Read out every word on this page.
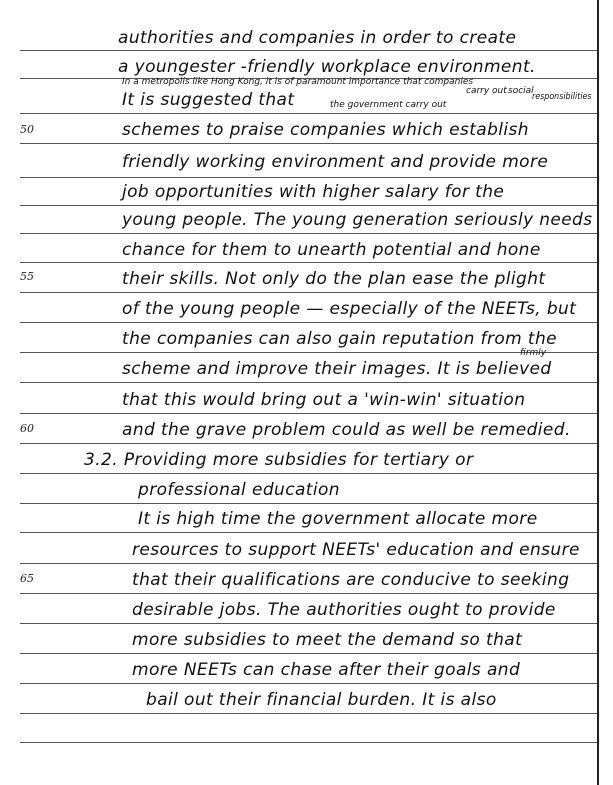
50
55
60
65
authorities and companies in order to create
a youngester -friendly workplace environment.
It is suggested that
schemes to praise companies which establish
friendly working environment and provide more
job opportunities with higher salary for the
young people. The young generation seriously needs
chance for them to unearth potential and hone
their skills. Not only do the plan ease the plight
of the young people — especially of the NEETs, but
the companies can also gain reputation from the
scheme and improve their images. It is believed
that this would bring out a 'win-win' situation
and the grave problem could as well be remedied.
3.2. Providing more subsidies for tertiary or
professional education
It is high time the government allocate more
resources to support NEETs' education and ensure
that their qualifications are conducive to seeking
desirable jobs. The authorities ought to provide
more subsidies to meet the demand so that
more NEETs can chase after their goals and
bail out their financial burden. It is also
In a metropolis like Hong Kong, it is of paramount importance that companies
carry out social
responsibilities
the government carry out
firmly
